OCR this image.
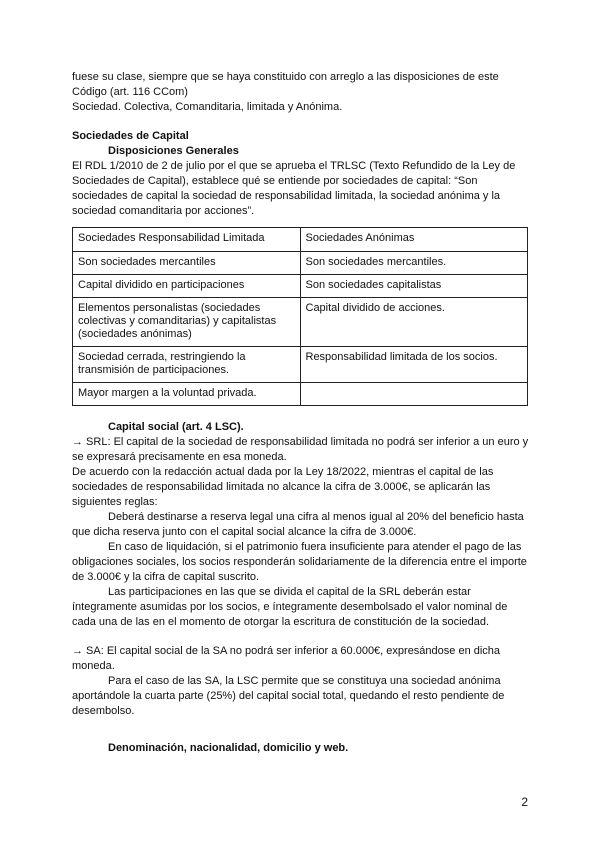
fuese su clase, siempre que se haya constituido con arreglo a las disposiciones de este Código (art. 116 CCom)

Sociedad. Colectiva, Comanditaria, limitada y Anónima.

Sociedades de Capital

Disposiciones Generales

El RDL 1/2010 de 2 de julio por el que se aprueba el TRLSC (Texto Refundido de la Ley de Sociedades de Capital), establece qué se entiende por sociedades de capital: “Son sociedades de capital la sociedad de responsabilidad limitada, la sociedad anónima y la sociedad comanditaria por acciones”.

Sociedades Responsabilidad Limitada	Sociedades Anónimas
Son sociedades mercantiles	Son sociedades mercantiles.
Capital dividido en participaciones	Son sociedades capitalistas
Elementos personalistas (sociedades colectivas y comanditarias) y capitalistas (sociedades anónimas)	Capital dividido de acciones.
Sociedad cerrada, restringiendo la transmisión de participaciones.	Responsabilidad limitada de los socios.
Mayor margen a la voluntad privada.	

Capital social (art. 4 LSC).

→ SRL: El capital de la sociedad de responsabilidad limitada no podrá ser inferior a un euro y se expresará precisamente en esa moneda.

De acuerdo con la redacción actual dada por la Ley 18/2022, mientras el capital de las sociedades de responsabilidad limitada no alcance la cifra de 3.000€, se aplicarán las siguientes reglas:

Deberá destinarse a reserva legal una cifra al menos igual al 20% del beneficio hasta que dicha reserva junto con el capital social alcance la cifra de 3.000€.

En caso de liquidación, si el patrimonio fuera insuficiente para atender el pago de las obligaciones sociales, los socios responderán solidariamente de la diferencia entre el importe de 3.000€ y la cifra de capital suscrito.

Las participaciones en las que se divida el capital de la SRL deberán estar íntegramente asumidas por los socios, e íntegramente desembolsado el valor nominal de cada una de las en el momento de otorgar la escritura de constitución de la sociedad.

→ SA: El capital social de la SA no podrá ser inferior a 60.000€, expresándose en dicha moneda.

Para el caso de las SA, la LSC permite que se constituya una sociedad anónima aportándole la cuarta parte (25%) del capital social total, quedando el resto pendiente de desembolso.

Denominación, nacionalidad, domicilio y web.

2
